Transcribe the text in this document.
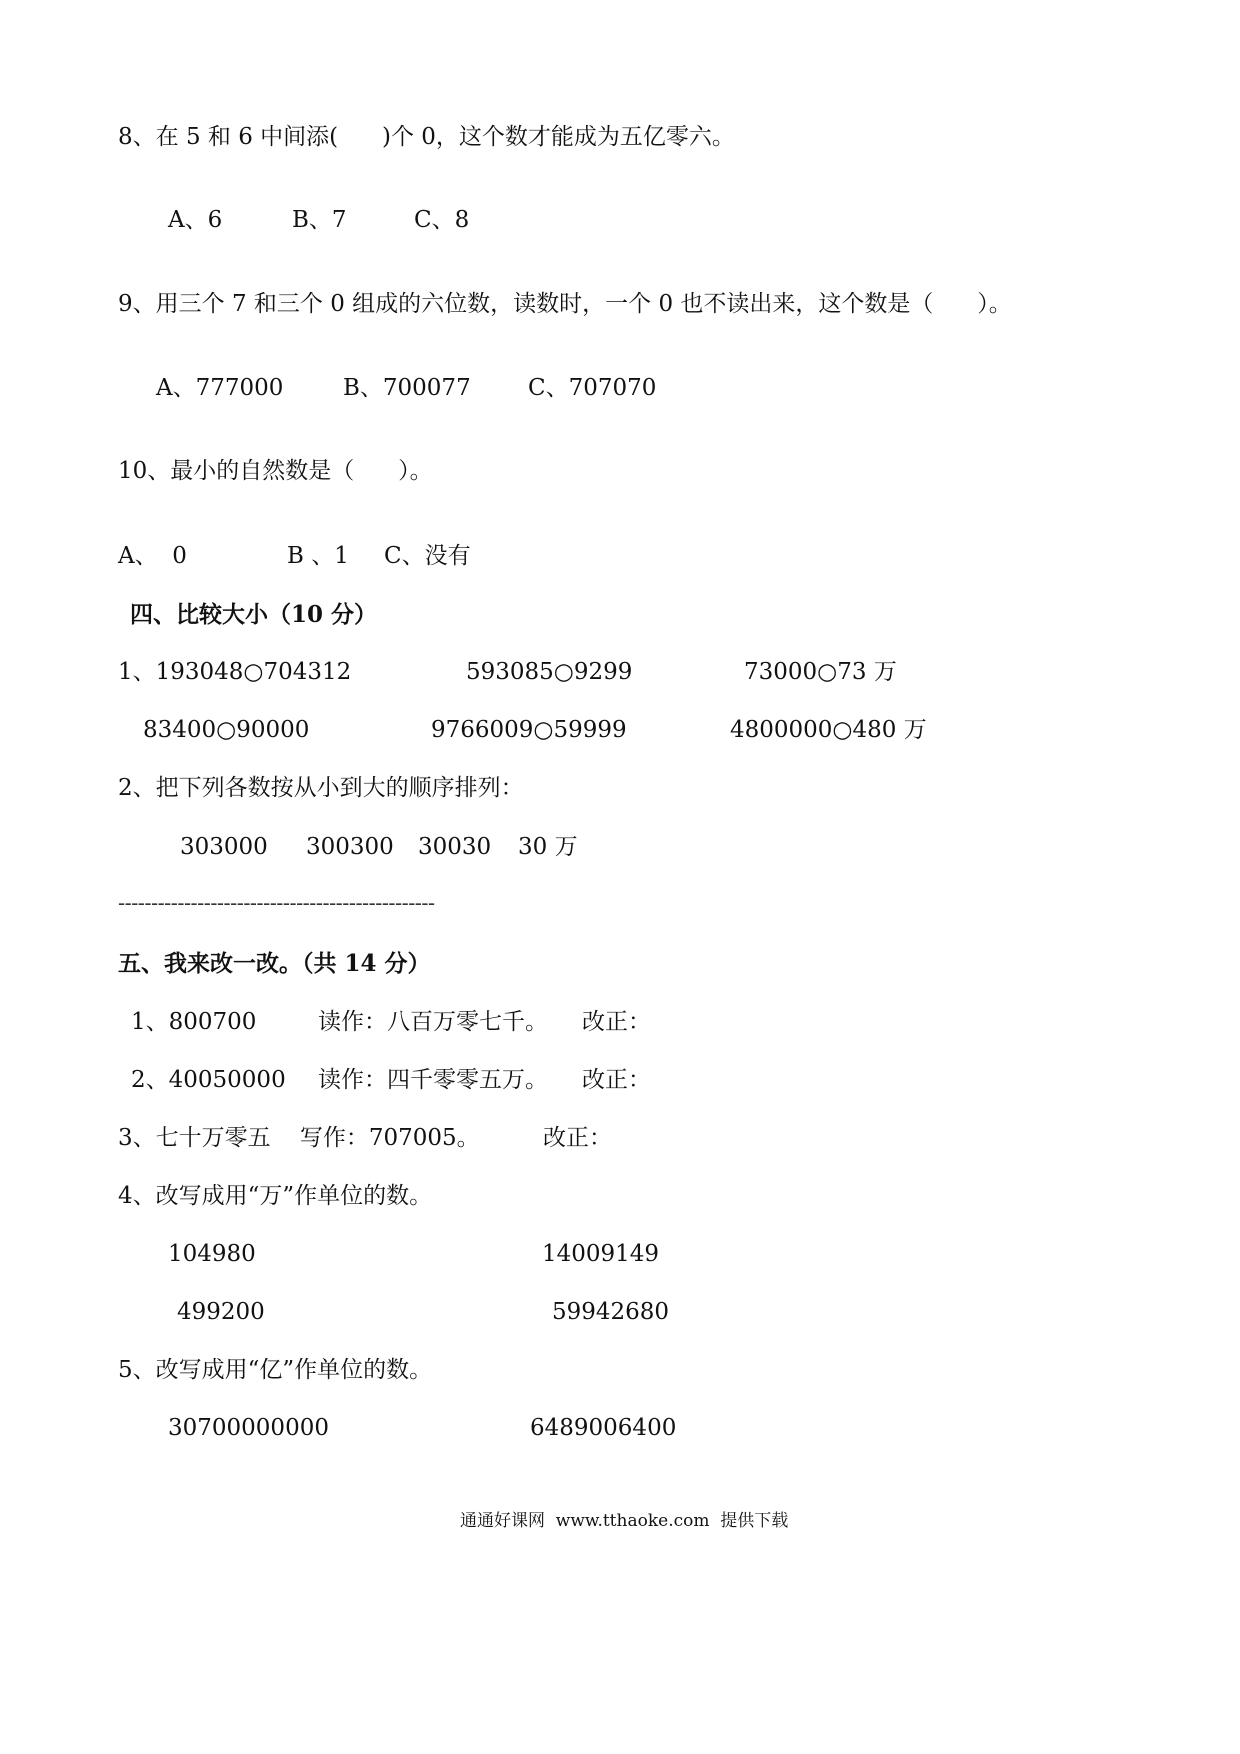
8、在 5 和 6 中间添(      )个 0，这个数才能成为五亿零六。
A、6	B、7	C、8
9、用三个 7 和三个 0 组成的六位数，读数时，一个 0 也不读出来，这个数是（      ）。
A、777000	B、700077 C、707070
10、最小的自然数是（      ）。
A、  0	B 、1 C、没有
四、比较大小（10 分）
1、193048○704312	593085○9299	73000○73 万
83400○90000	9766009○59999	4800000○480 万
2、把下列各数按从小到大的顺序排列：
303000 300300 30030 30 万
------------------------------------------------
五、我来改一改。（共 14 分）
1、800700	读作：八百万零七千。 改正：
2、40050000 读作：四千零零五万。 改正：
3、七十万零五    写作：707005。	改正：
4、改写成用“万”作单位的数。
104980	14009149
499200	59942680
5、改写成用“亿”作单位的数。
30700000000	6489006400
通通好课网  www.tthaoke.com  提供下载
